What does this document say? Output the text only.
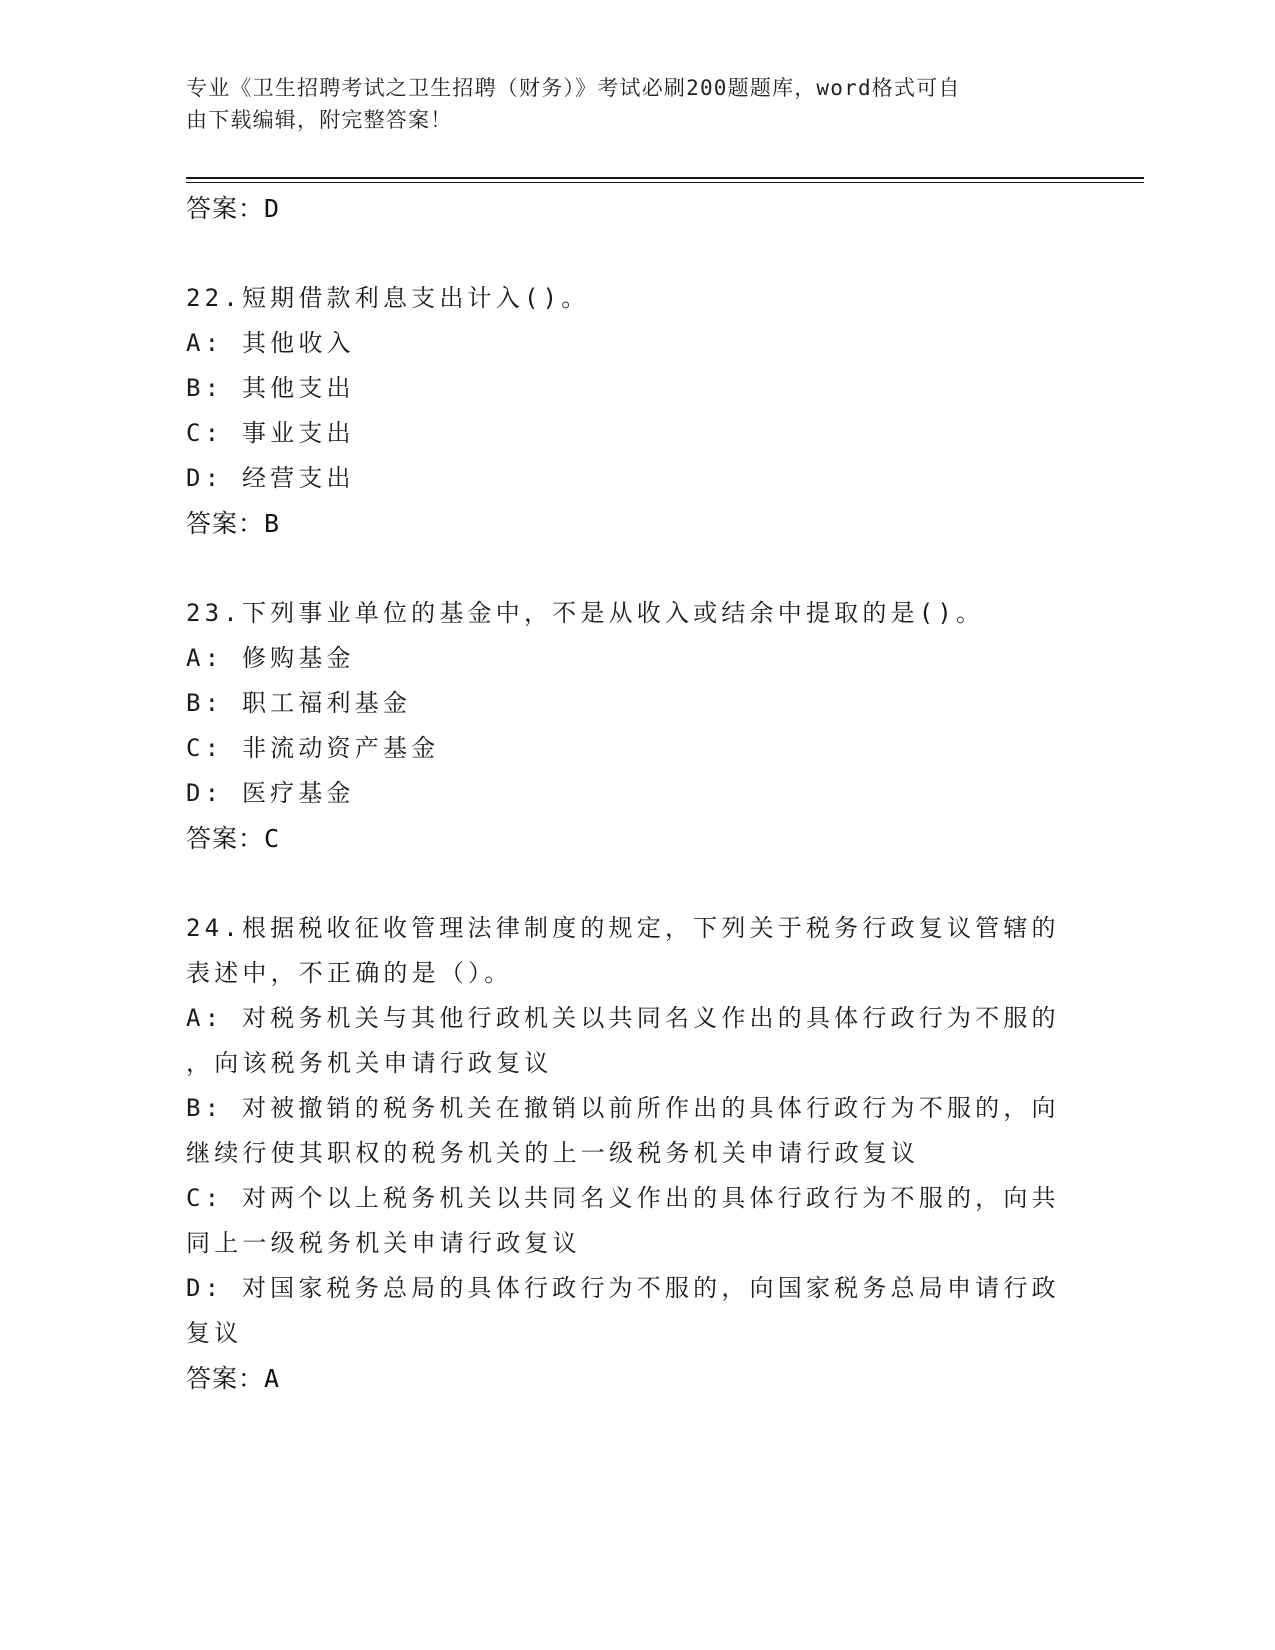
专业《卫生招聘考试之卫生招聘（财务）》考试必刷200题题库，word格式可自
由下载编辑，附完整答案！
答案：D
22.短期借款利息支出计入()。
A: 其他收入
B: 其他支出
C: 事业支出
D: 经营支出
答案：B
23.下列事业单位的基金中，不是从收入或结余中提取的是()。
A: 修购基金
B: 职工福利基金
C: 非流动资产基金
D: 医疗基金
答案：C
24.根据税收征收管理法律制度的规定，下列关于税务行政复议管辖的
表述中，不正确的是（）。
A: 对税务机关与其他行政机关以共同名义作出的具体行政行为不服的
，向该税务机关申请行政复议
B: 对被撤销的税务机关在撤销以前所作出的具体行政行为不服的，向
继续行使其职权的税务机关的上一级税务机关申请行政复议
C: 对两个以上税务机关以共同名义作出的具体行政行为不服的，向共
同上一级税务机关申请行政复议
D: 对国家税务总局的具体行政行为不服的，向国家税务总局申请行政
复议
答案：A
